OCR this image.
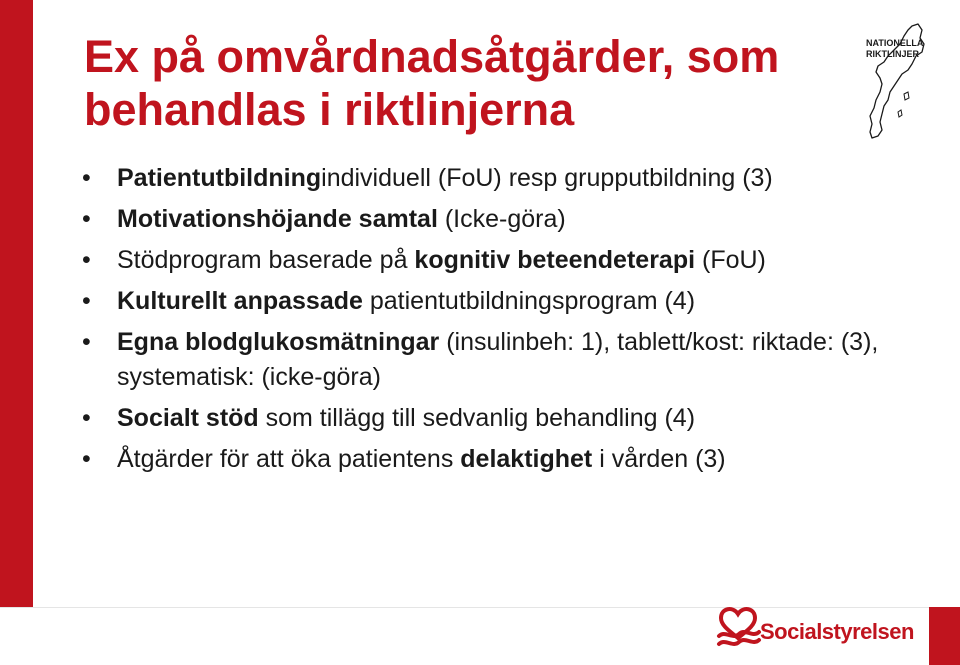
Ex på omvårdnadsåtgärder, som
behandlas i riktlinjerna
• Patientutbildningindividuell (FoU) resp grupputbildning (3)
• Motivationshöjande samtal (Icke-göra)
• Stödprogram baserade på kognitiv beteendeterapi (FoU)
• Kulturellt anpassade patientutbildningsprogram (4)
• Egna blodglukosmätningar (insulinbeh: 1), tablett/kost: riktade: (3), systematisk: (icke-göra)
• Socialt stöd som tillägg till sedvanlig behandling (4)
• Åtgärder för att öka patientens delaktighet i vården (3)
NATIONELLA
RIKTLINJER
Socialstyrelsen
